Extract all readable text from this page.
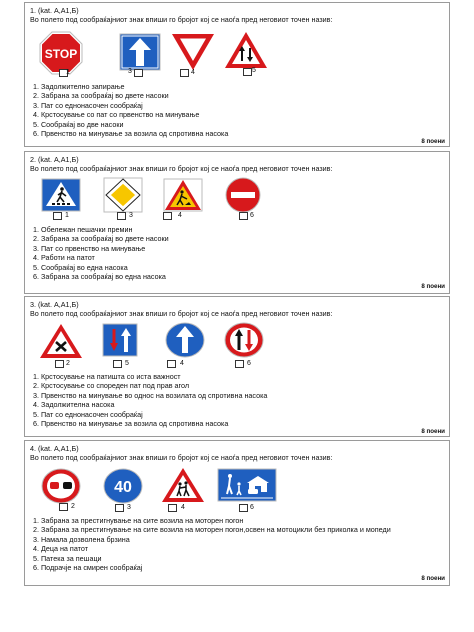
1. (kat. А,А1,Б)
Во полето под сообраќајниот знак впиши го бројот кој се наоѓа пред неговиот точен назив:
STOP
1	3	4	5
1. Задолжително запирање
2. Забрана за сообраќај во двете насоки
3. Пат со еднонасочен сообраќај
4. Крстосување со пат со првенство на минување
5. Сообраќај во две насоки
6. Првенство на минување за возила од спротивна насока
8 поени
2. (kat. А,А1,Б)
Во полето под сообраќајниот знак впиши го бројот кој се наоѓа пред неговиот точен назив:
1	3	4	6
1. Обележан пешачки премин
2. Забрана за сообраќај во двете насоки
3. Пат со првенство на минување
4. Работи на патот
5. Сообраќај во една насока
6. Забрана за сообраќај во една насока
8 поени
3. (kat. А,А1,Б)
Во полето под сообраќајниот знак впиши го бројот кој се наоѓа пред неговиот точен назив:
2	5	4	6
1. Крстосување на патишта со иста важност
2. Крстосување со споредeн пат под прав агол
3. Првенство на минување во однос на возилата од спротивна насока
4. Задолжителна насока
5. Пат со еднонасочен сообраќај
6. Првенство на минување за возила од спротивна насока
8 поени
4. (kat. А,А1,Б)
Во полето под сообраќајниот знак впиши го бројот кој се наоѓа пред неговиот точен назив:
2
40
3	4	6
1. Забрана за престигнување на сите возила на моторен погон
2. Забрана за престигнување на сите возила на моторен погон,освен на мотоцикли без приколка и мопеди
3. Намала дозволена брзина
4. Деца на патот
5. Патека за пешаци
6. Подрачје на смирен сообраќај
8 поени
